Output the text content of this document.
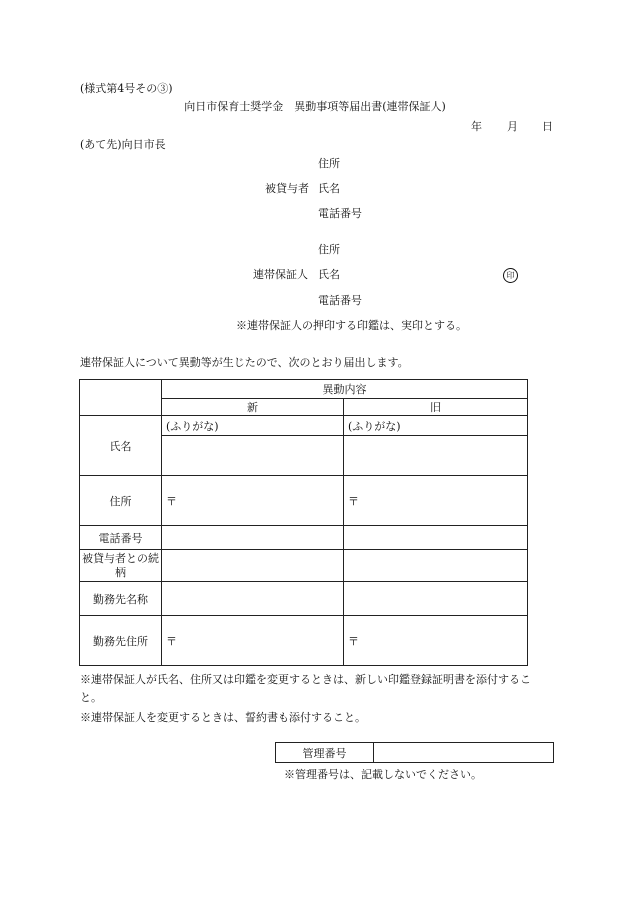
(様式第4号その③)
向日市保育士奨学金　異動事項等届出書(連帯保証人)
年 月 日
(あて先)向日市長
住所
被貸与者 氏名
電話番号
住所
連帯保証人 氏名	印
電話番号
※連帯保証人の押印する印鑑は、実印とする。
連帯保証人について異動等が生じたので、次のとおり届出します。
	異動内容	
	新	旧
氏名	(ふりがな)	(ふりがな)

住所	〒	〒
電話番号		
被貸与者との続柄		
勤務先名称		
勤務先住所	〒	〒
※連帯保証人が氏名、住所又は印鑑を変更するときは、新しい印鑑登録証明書を添付すること。
※連帯保証人を変更するときは、誓約書も添付すること。
管理番号	
※管理番号は、記載しないでください。
